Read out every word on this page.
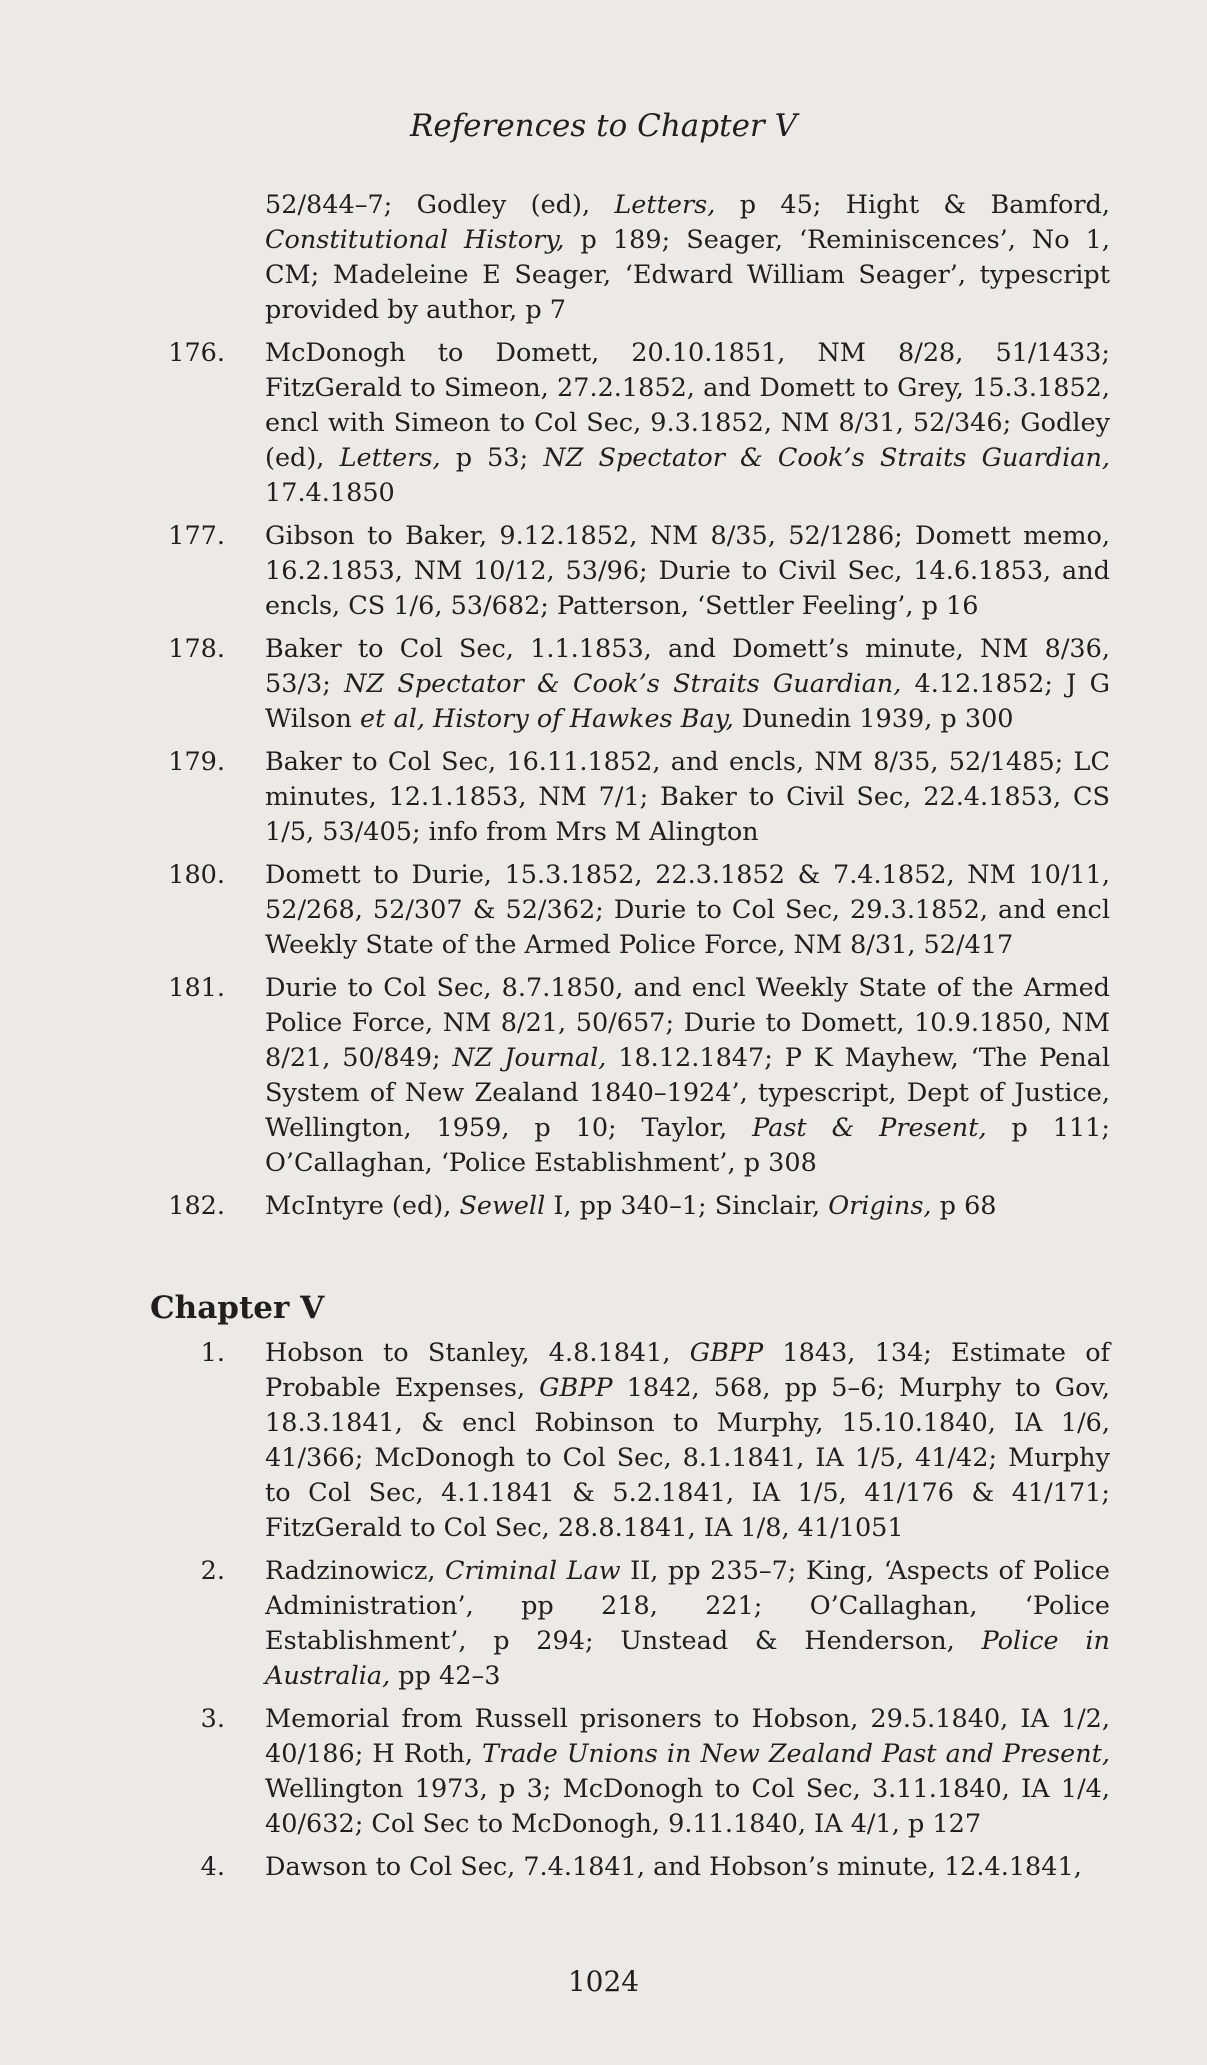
References to Chapter V
52/844–7; Godley (ed), Letters, p 45; Hight & Bamford, Constitutional History, p 189; Seager, ‘Reminiscences’, No 1, CM; Madeleine E Seager, ‘Edward William Seager’, typescript provided by author, p 7
176. McDonogh to Domett, 20.10.1851, NM 8/28, 51/1433; FitzGerald to Simeon, 27.2.1852, and Domett to Grey, 15.3.1852, encl with Simeon to Col Sec, 9.3.1852, NM 8/31, 52/346; Godley (ed), Letters, p 53; NZ Spectator & Cook’s Straits Guardian, 17.4.1850
177. Gibson to Baker, 9.12.1852, NM 8/35, 52/1286; Domett memo, 16.2.1853, NM 10/12, 53/96; Durie to Civil Sec, 14.6.1853, and encls, CS 1/6, 53/682; Patterson, ‘Settler Feeling’, p 16
178. Baker to Col Sec, 1.1.1853, and Domett’s minute, NM 8/36, 53/3; NZ Spectator & Cook’s Straits Guardian, 4.12.1852; J G Wilson et al, History of Hawkes Bay, Dunedin 1939, p 300
179. Baker to Col Sec, 16.11.1852, and encls, NM 8/35, 52/1485; LC minutes, 12.1.1853, NM 7/1; Baker to Civil Sec, 22.4.1853, CS 1/5, 53/405; info from Mrs M Alington
180. Domett to Durie, 15.3.1852, 22.3.1852 & 7.4.1852, NM 10/11, 52/268, 52/307 & 52/362; Durie to Col Sec, 29.3.1852, and encl Weekly State of the Armed Police Force, NM 8/31, 52/417
181. Durie to Col Sec, 8.7.1850, and encl Weekly State of the Armed Police Force, NM 8/21, 50/657; Durie to Domett, 10.9.1850, NM 8/21, 50/849; NZ Journal, 18.12.1847; P K Mayhew, ‘The Penal System of New Zealand 1840–1924’, typescript, Dept of Justice, Wellington, 1959, p 10; Taylor, Past & Present, p 111; O’Callaghan, ‘Police Establishment’, p 308
182. McIntyre (ed), Sewell I, pp 340–1; Sinclair, Origins, p 68
Chapter V
1. Hobson to Stanley, 4.8.1841, GBPP 1843, 134; Estimate of Probable Expenses, GBPP 1842, 568, pp 5–6; Murphy to Gov, 18.3.1841, & encl Robinson to Murphy, 15.10.1840, IA 1/6, 41/366; McDonogh to Col Sec, 8.1.1841, IA 1/5, 41/42; Murphy to Col Sec, 4.1.1841 & 5.2.1841, IA 1/5, 41/176 & 41/171; FitzGerald to Col Sec, 28.8.1841, IA 1/8, 41/1051
2. Radzinowicz, Criminal Law II, pp 235–7; King, ‘Aspects of Police Administration’, pp 218, 221; O’Callaghan, ‘Police Establishment’, p 294; Unstead & Henderson, Police in Australia, pp 42–3
3. Memorial from Russell prisoners to Hobson, 29.5.1840, IA 1/2, 40/186; H Roth, Trade Unions in New Zealand Past and Present, Wellington 1973, p 3; McDonogh to Col Sec, 3.11.1840, IA 1/4, 40/632; Col Sec to McDonogh, 9.11.1840, IA 4/1, p 127
4. Dawson to Col Sec, 7.4.1841, and Hobson’s minute, 12.4.1841,
1024
